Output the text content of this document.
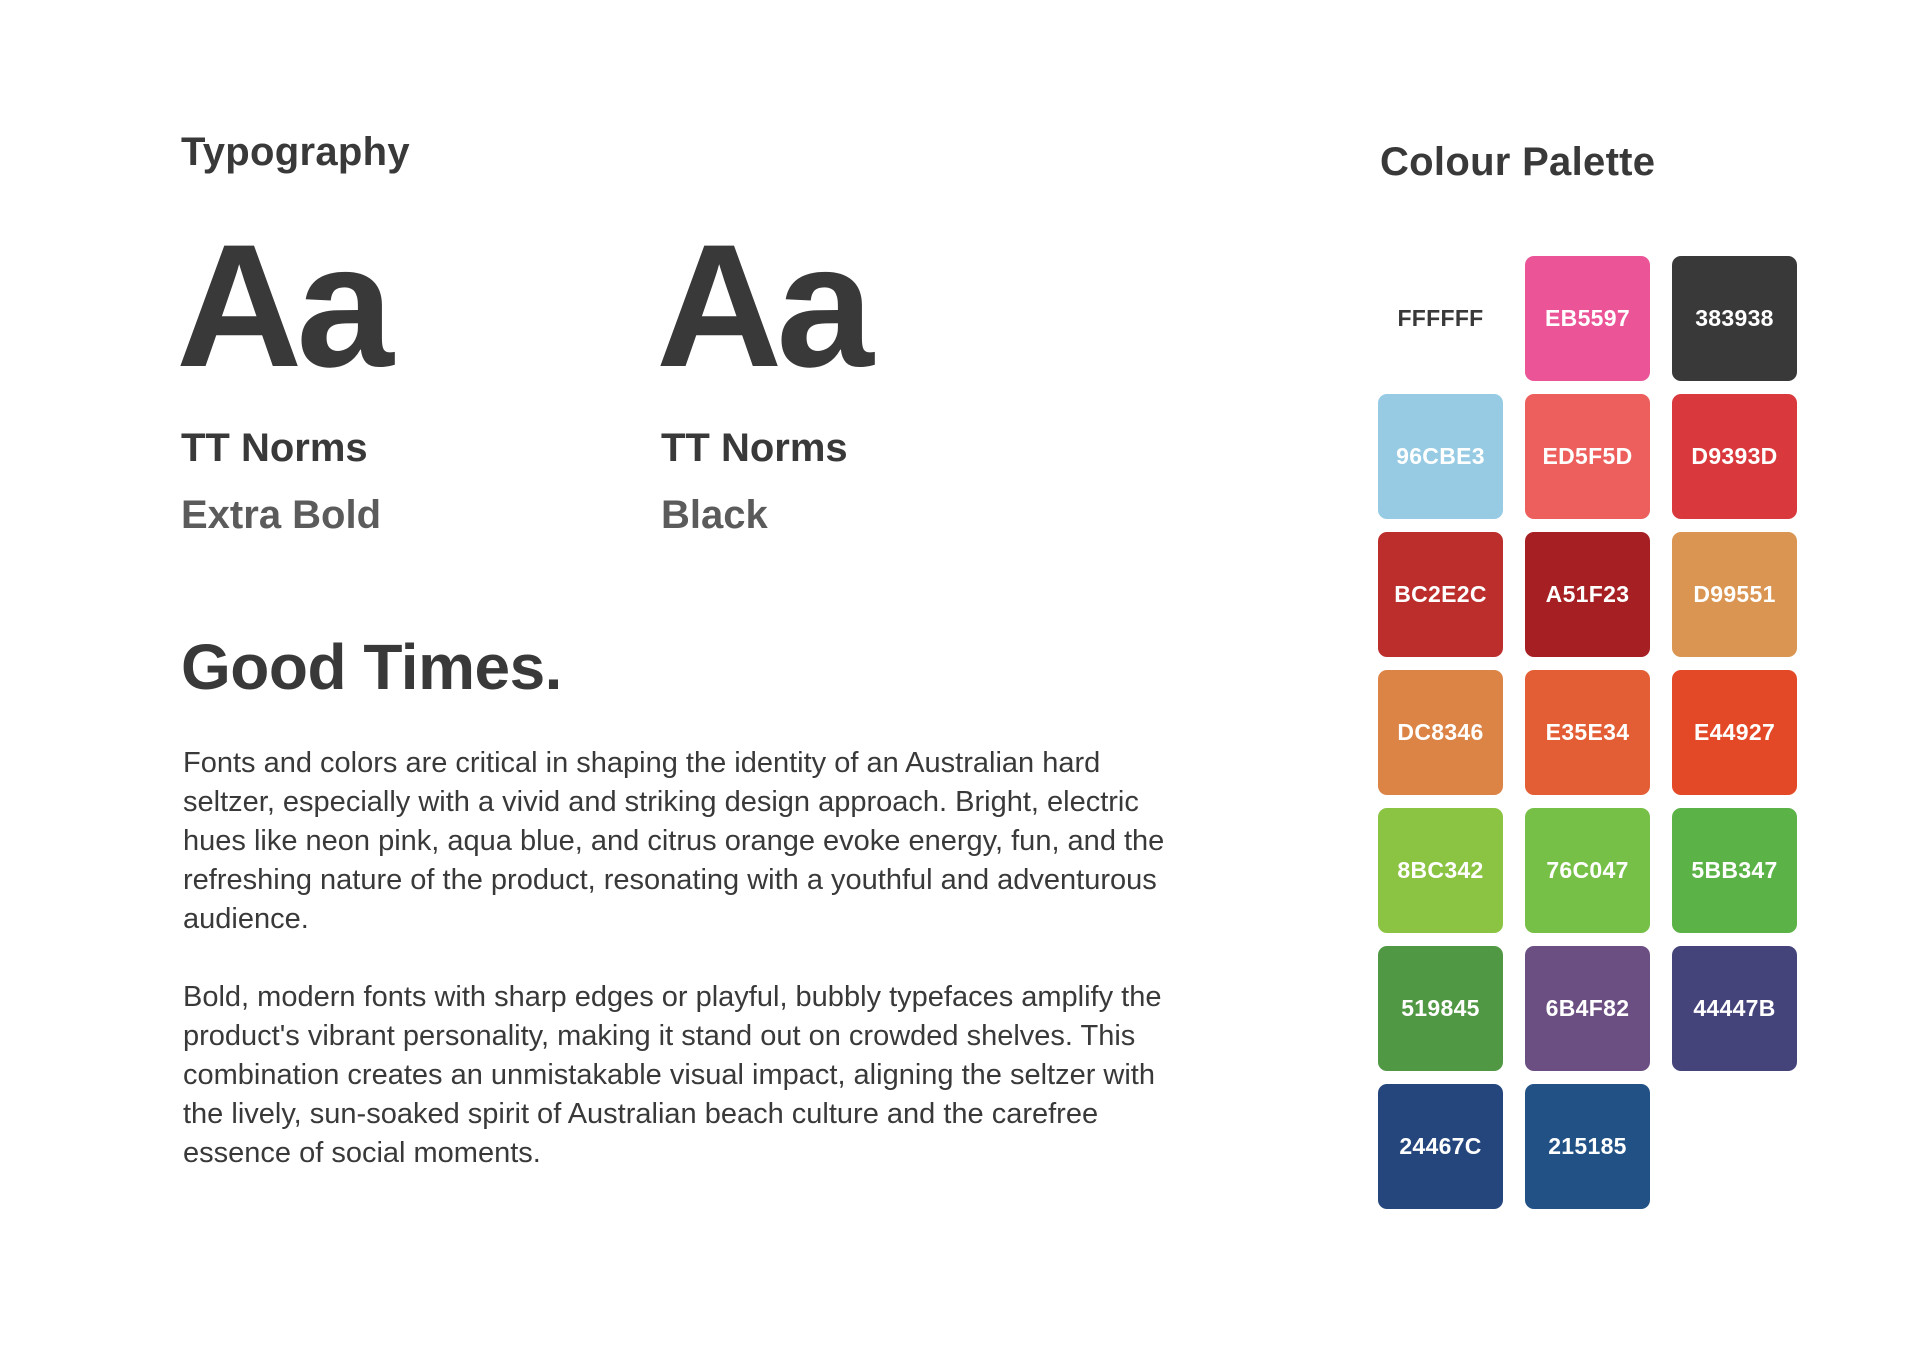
Typography
Aa
TT Norms
Extra Bold
Aa
TT Norms
Black
Good Times.

Fonts and colors are critical in shaping the identity of an Australian hard seltzer, especially with a vivid and striking design approach. Bright, electric hues like neon pink, aqua blue, and citrus orange evoke energy, fun, and the refreshing nature of the product, resonating with a youthful and adventurous audience.

Bold, modern fonts with sharp edges or playful, bubbly typefaces amplify the product's vibrant personality, making it stand out on crowded shelves. This combination creates an unmistakable visual impact, aligning the seltzer with the lively, sun-soaked spirit of Australian beach culture and the carefree essence of social moments.

Colour Palette
FFFFFF	EB5597	383938
96CBE3	ED5F5D	D9393D
BC2E2C	A51F23	D99551
DC8346	E35E34	E44927
8BC342	76C047	5BB347
519845	6B4F82	44447B
24467C	215185
